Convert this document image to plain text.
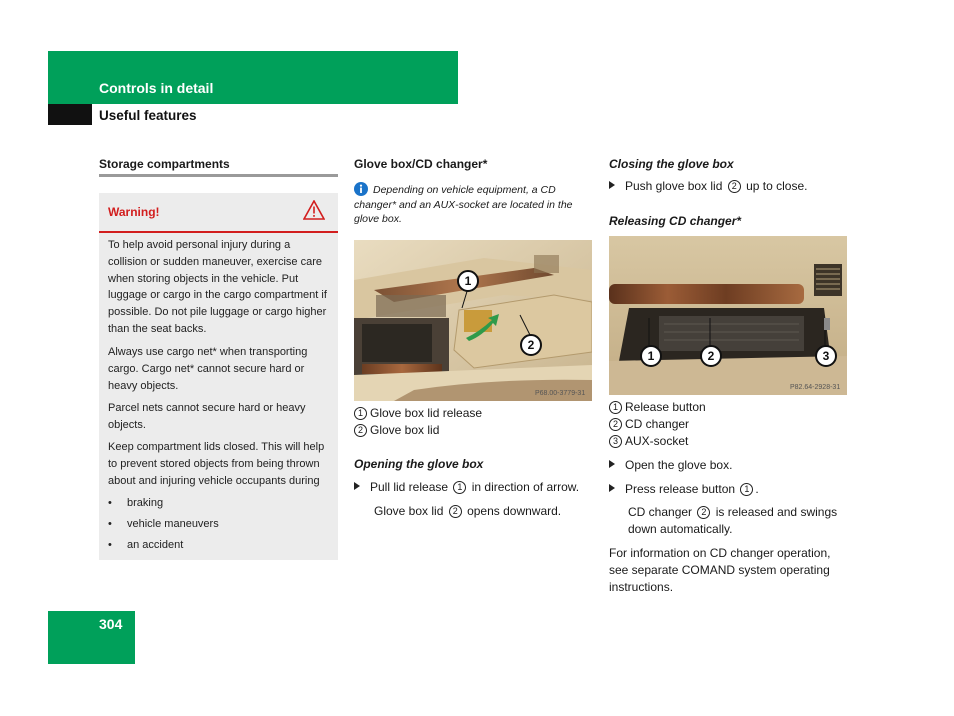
Controls in detail
Useful features
Storage compartments
Warning!
To help avoid personal injury during a collision or sudden maneuver, exercise care when storing objects in the vehicle. Put luggage or cargo in the cargo compartment if possible. Do not pile luggage or cargo higher than the seat backs.
Always use cargo net* when transporting cargo. Cargo net* cannot secure hard or heavy objects.
Parcel nets cannot secure hard or heavy objects.
Keep compartment lids closed. This will help to prevent stored objects from being thrown about and injuring vehicle occupants during
• braking
• vehicle maneuvers
• an accident
Glove box/CD changer*
Depending on vehicle equipment, a CD changer* and an AUX-socket are located in the glove box.
1
2
P68.00-3779-31
1 Glove box lid release
2 Glove box lid
Opening the glove box
Pull lid release 1 in direction of arrow.
Glove box lid 2 opens downward.
Closing the glove box
Push glove box lid 2 up to close.
Releasing CD changer*
1	2	3
P82.64-2928-31
1 Release button
2 CD changer
3 AUX-socket
Open the glove box.
Press release button 1 .
CD changer 2 is released and swings down automatically.
For information on CD changer operation, see separate COMAND system operating instructions.
304
